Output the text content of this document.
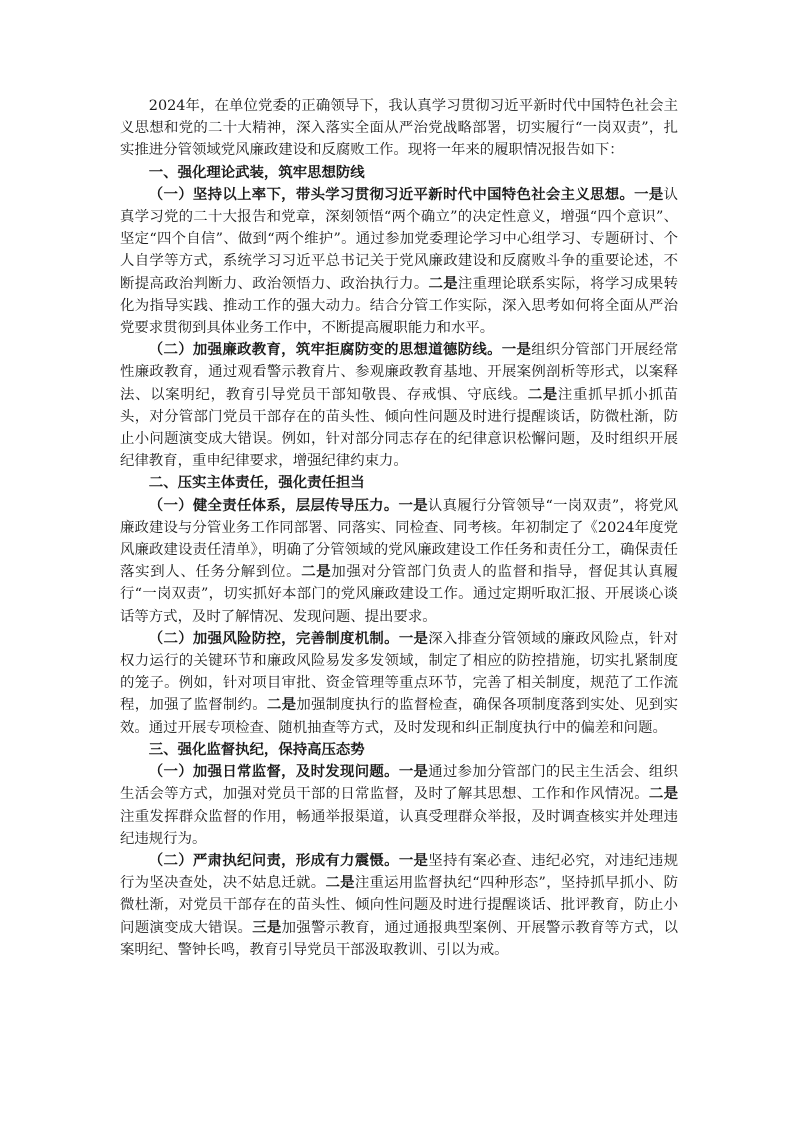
2024年，在单位党委的正确领导下，我认真学习贯彻习近平新时代中国特色社会主义思想和党的二十大精神，深入落实全面从严治党战略部署，切实履行“一岗双责”，扎实推进分管领域党风廉政建设和反腐败工作。现将一年来的履职情况报告如下：

一、强化理论武装，筑牢思想防线

（一）坚持以上率下，带头学习贯彻习近平新时代中国特色社会主义思想。一是认真学习党的二十大报告和党章，深刻领悟“两个确立”的决定性意义，增强“四个意识”、坚定“四个自信”、做到“两个维护”。通过参加党委理论学习中心组学习、专题研讨、个人自学等方式，系统学习习近平总书记关于党风廉政建设和反腐败斗争的重要论述，不断提高政治判断力、政治领悟力、政治执行力。二是注重理论联系实际，将学习成果转化为指导实践、推动工作的强大动力。结合分管工作实际，深入思考如何将全面从严治党要求贯彻到具体业务工作中，不断提高履职能力和水平。

（二）加强廉政教育，筑牢拒腐防变的思想道德防线。一是组织分管部门开展经常性廉政教育，通过观看警示教育片、参观廉政教育基地、开展案例剖析等形式，以案释法、以案明纪，教育引导党员干部知敬畏、存戒惧、守底线。二是注重抓早抓小抓苗头，对分管部门党员干部存在的苗头性、倾向性问题及时进行提醒谈话，防微杜渐，防止小问题演变成大错误。例如，针对部分同志存在的纪律意识松懈问题，及时组织开展纪律教育，重申纪律要求，增强纪律约束力。

二、压实主体责任，强化责任担当

（一）健全责任体系，层层传导压力。一是认真履行分管领导“一岗双责”，将党风廉政建设与分管业务工作同部署、同落实、同检查、同考核。年初制定了《2024年度党风廉政建设责任清单》，明确了分管领域的党风廉政建设工作任务和责任分工，确保责任落实到人、任务分解到位。二是加强对分管部门负责人的监督和指导，督促其认真履行“一岗双责”，切实抓好本部门的党风廉政建设工作。通过定期听取汇报、开展谈心谈话等方式，及时了解情况、发现问题、提出要求。

（二）加强风险防控，完善制度机制。一是深入排查分管领域的廉政风险点，针对权力运行的关键环节和廉政风险易发多发领域，制定了相应的防控措施，切实扎紧制度的笼子。例如，针对项目审批、资金管理等重点环节，完善了相关制度，规范了工作流程，加强了监督制约。二是加强制度执行的监督检查，确保各项制度落到实处、见到实效。通过开展专项检查、随机抽查等方式，及时发现和纠正制度执行中的偏差和问题。

三、强化监督执纪，保持高压态势

（一）加强日常监督，及时发现问题。一是通过参加分管部门的民主生活会、组织生活会等方式，加强对党员干部的日常监督，及时了解其思想、工作和作风情况。二是注重发挥群众监督的作用，畅通举报渠道，认真受理群众举报，及时调查核实并处理违纪违规行为。

（二）严肃执纪问责，形成有力震慑。一是坚持有案必查、违纪必究，对违纪违规行为坚决查处，决不姑息迁就。二是注重运用监督执纪“四种形态”，坚持抓早抓小、防微杜渐，对党员干部存在的苗头性、倾向性问题及时进行提醒谈话、批评教育，防止小问题演变成大错误。三是加强警示教育，通过通报典型案例、开展警示教育等方式，以案明纪、警钟长鸣，教育引导党员干部汲取教训、引以为戒。
